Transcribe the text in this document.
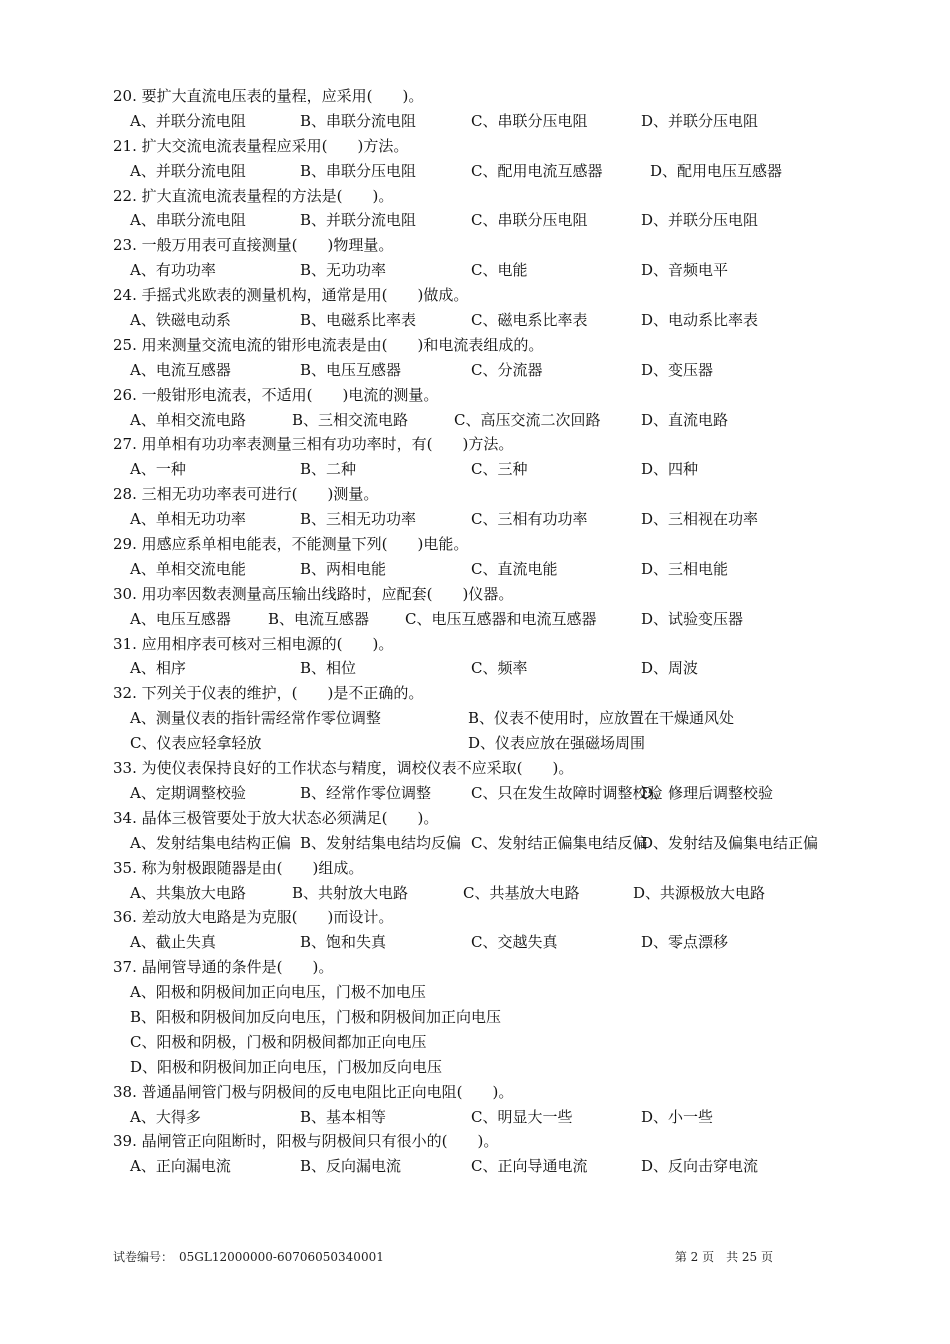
20. 要扩大直流电压表的量程，应采用(　　)。
A、并联分流电阻	B、串联分流电阻	C、串联分压电阻	D、并联分压电阻
21. 扩大交流电流表量程应采用(　　)方法。
A、并联分流电阻	B、串联分压电阻	C、配用电流互感器	D、配用电压互感器
22. 扩大直流电流表量程的方法是(　　)。
A、串联分流电阻	B、并联分流电阻	C、串联分压电阻	D、并联分压电阻
23. 一般万用表可直接测量(　　)物理量。
A、有功功率	B、无功功率	C、电能	D、音频电平
24. 手摇式兆欧表的测量机构，通常是用(　　)做成。
A、铁磁电动系	B、电磁系比率表	C、磁电系比率表	D、电动系比率表
25. 用来测量交流电流的钳形电流表是由(　　)和电流表组成的。
A、电流互感器	B、电压互感器	C、分流器	D、变压器
26. 一般钳形电流表，不适用(　　)电流的测量。
A、单相交流电路	B、三相交流电路	C、高压交流二次回路	D、直流电路
27. 用单相有功功率表测量三相有功功率时，有(　　)方法。
A、一种	B、二种	C、三种	D、四种
28. 三相无功功率表可进行(　　)测量。
A、单相无功功率	B、三相无功功率	C、三相有功功率	D、三相视在功率
29. 用感应系单相电能表，不能测量下列(　　)电能。
A、单相交流电能	B、两相电能	C、直流电能	D、三相电能
30. 用功率因数表测量高压输出线路时，应配套(　　)仪器。
A、电压互感器 B、电流互感器 C、电压互感器和电流互感器	D、试验变压器
31. 应用相序表可核对三相电源的(　　)。
A、相序	B、相位	C、频率	D、周波
32. 下列关于仪表的维护，(　　)是不正确的。
A、测量仪表的指针需经常作零位调整	B、仪表不使用时，应放置在干燥通风处
C、仪表应轻拿轻放	D、仪表应放在强磁场周围
33. 为使仪表保持良好的工作状态与精度，调校仪表不应采取(　　)。
A、定期调整校验	B、经常作零位调整	C、只在发生故障时调整校验
D、修理后调整校验
34. 晶体三极管要处于放大状态必须满足(　　)。
A、发射结集电结构正偏 B、发射结集电结均反偏 C、发射结正偏集电结反偏
D、发射结及偏集电结正偏
35. 称为射极跟随器是由(　　)组成。
A、共集放大电路	B、共射放大电路	C、共基放大电路	D、共源极放大电路
36. 差动放大电路是为克服(　　)而设计。
A、截止失真	B、饱和失真	C、交越失真	D、零点漂移
37. 晶闸管导通的条件是(　　)。
A、阳极和阴极间加正向电压，门极不加电压
B、阳极和阴极间加反向电压，门极和阴极间加正向电压
C、阳极和阴极，门极和阴极间都加正向电压
D、阳极和阴极间加正向电压，门极加反向电压
38. 普通晶闸管门极与阴极间的反电电阻比正向电阻(　　)。
A、大得多	B、基本相等	C、明显大一些	D、小一些
39. 晶闸管正向阻断时，阳极与阴极间只有很小的(　　)。
A、正向漏电流	B、反向漏电流	C、正向导通电流	D、反向击穿电流
试卷编号：　05GL12000000-60706050340001	第 2 页　共 25 页
